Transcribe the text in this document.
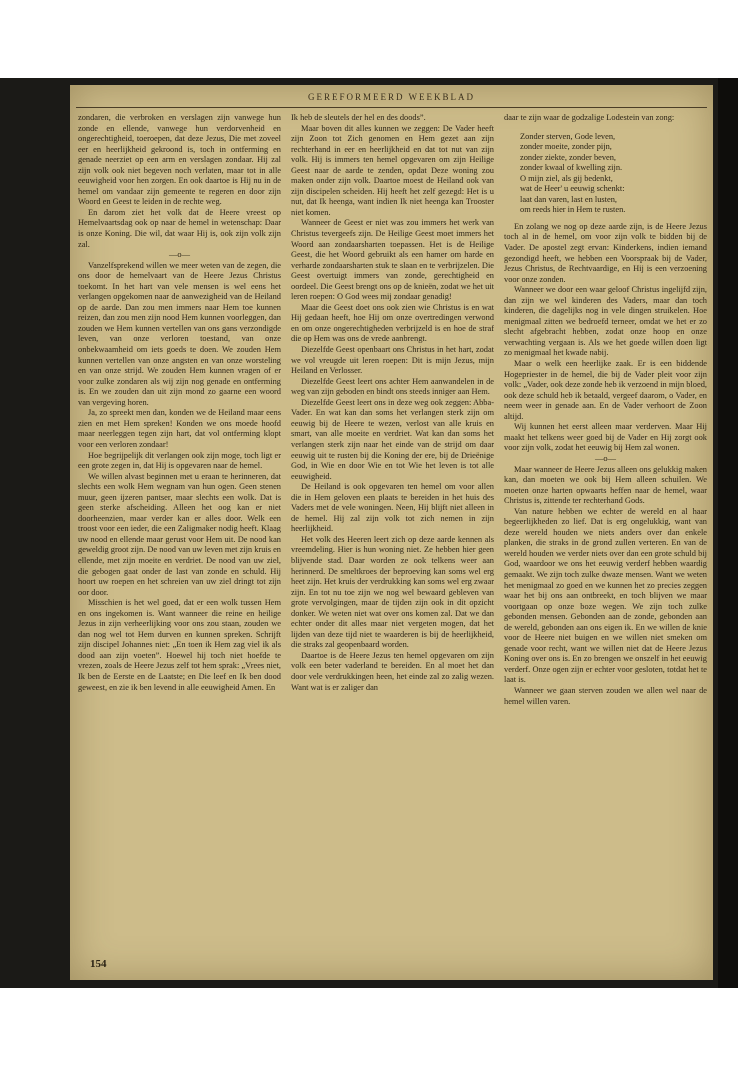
GEREFORMEERD WEEKBLAD

zondaren, die verbroken en verslagen zijn vanwege hun zonde en ellende, vanwege hun verdorvenheid en ongerechtigheid, toeroepen, dat deze Jezus, Die met zoveel eer en heerlijkheid gekroond is, toch in ontferming en genade neerziet op een arm en verslagen zondaar. Hij zal zijn volk ook niet begeven noch verlaten, maar tot in alle eeuwigheid voor hen zorgen. En ook daartoe is Hij nu in de hemel om vandaar zijn gemeente te regeren en door zijn Woord en Geest te leiden in de rechte weg.

En darom ziet het volk dat de Heere vreest op Hemelvaartsdag ook op naar de hemel in wetenschap: Daar is onze Koning. Die wil, dat waar Hij is, ook zijn volk zijn zal.

—o—

Vanzelfsprekend willen we meer weten van de zegen, die ons door de hemelvaart van de Heere Jezus Christus toekomt. In het hart van vele mensen is wel eens het verlangen opgekomen naar de aanwezigheid van de Heiland op de aarde. Dan zou men immers naar Hem toe kunnen reizen, dan zou men zijn nood Hem kunnen voorleggen, dan zouden we Hem kunnen vertellen van ons gans verzondigde leven, van onze verloren toestand, van onze onbekwaamheid om iets goeds te doen. We zouden Hem kunnen vertellen van onze angsten en van onze worsteling en van onze strijd. We zouden Hem kunnen vragen of er voor zulke zondaren als wij zijn nog genade en ontferming is. En we zouden dan uit zijn mond zo gaarne een woord van vergeving horen.

Ja, zo spreekt men dan, konden we de Heiland maar eens zien en met Hem spreken! Konden we ons moede hoofd maar neerleggen tegen zijn hart, dat vol ontferming klopt voor een verloren zondaar!

Hoe begrijpelijk dit verlangen ook zijn moge, toch ligt er een grote zegen in, dat Hij is opgevaren naar de hemel.

We willen alvast beginnen met u eraan te herinneren, dat slechts een wolk Hem wegnam van hun ogen. Geen stenen muur, geen ijzeren pantser, maar slechts een wolk. Dat is geen sterke afscheiding. Alleen het oog kan er niet doorheenzien, maar verder kan er alles door. Welk een troost voor een ieder, die een Zaligmaker nodig heeft. Klaag uw nood en ellende maar gerust voor Hem uit. De nood kan geweldig groot zijn. De nood van uw leven met zijn kruis en ellende, met zijn moeite en verdriet. De nood van uw ziel, die gebogen gaat onder de last van zonde en schuld. Hij hoort uw roepen en het schreien van uw ziel dringt tot zijn oor door.

Misschien is het wel goed, dat er een wolk tussen Hem en ons ingekomen is. Want wanneer die reine en heilige Jezus in zijn verheerlijking voor ons zou staan, zouden we dan nog wel tot Hem durven en kunnen spreken. Schrijft zijn discipel Johannes niet: „En toen ik Hem zag viel ik als dood aan zijn voeten”. Hoewel hij toch niet hoefde te vrezen, zoals de Heere Jezus zelf tot hem sprak: „Vrees niet, Ik ben de Eerste en de Laatste; en Die leef en Ik ben dood geweest, en zie ik ben levend in alle eeuwigheid Amen. En

Ik heb de sleutels der hel en des doods”.

Maar boven dit alles kunnen we zeggen: De Vader heeft zijn Zoon tot Zich genomen en Hem gezet aan zijn rechterhand in eer en heerlijkheid en dat tot nut van zijn volk. Hij is immers ten hemel opgevaren om zijn Heilige Geest naar de aarde te zenden, opdat Deze woning zou maken onder zijn volk. Daartoe moest de Heiland ook van zijn discipelen scheiden. Hij heeft het zelf gezegd: Het is u nut, dat Ik heenga, want indien Ik niet heenga kan Trooster niet komen.

Wanneer de Geest er niet was zou immers het werk van Christus tevergeefs zijn. De Heilige Geest moet immers het Woord aan zondaarsharten toepassen. Het is de Heilige Geest, die het Woord gebruikt als een hamer om harde en verharde zondaarsharten stuk te slaan en te verbrijzelen. Die Geest overtuigt immers van zonde, gerechtigheid en oordeel. Die Geest brengt ons op de knieën, zodat we het uit leren roepen: O God wees mij zondaar genadig!

Maar die Geest doet ons ook zien wie Christus is en wat Hij gedaan heeft, hoe Hij om onze overtredingen verwond en om onze ongerechtigheden verbrijzeld is en hoe de straf die op Hem was ons de vrede aanbrengt.

Diezelfde Geest openbaart ons Christus in het hart, zodat we vol vreugde uit leren roepen: Dit is mijn Jezus, mijn Heiland en Verlosser.

Diezelfde Geest leert ons achter Hem aanwandelen in de weg van zijn geboden en bindt ons steeds inniger aan Hem.

Diezelfde Geest leert ons in deze weg ook zeggen: Abba-Vader. En wat kan dan soms het verlangen sterk zijn om eeuwig bij de Heere te wezen, verlost van alle kruis en smart, van alle moeite en verdriet. Wat kan dan soms het verlangen sterk zijn naar het einde van de strijd om daar eeuwig uit te rusten bij die Koning der ere, bij de Drieënige God, in Wie en door Wie en tot Wie het leven is tot alle eeuwigheid.

De Heiland is ook opgevaren ten hemel om voor allen die in Hem geloven een plaats te bereiden in het huis des Vaders met de vele woningen. Neen, Hij blijft niet alleen in de hemel. Hij zal zijn volk tot zich nemen in zijn heerlijkheid.

Het volk des Heeren leert zich op deze aarde kennen als vreemdeling. Hier is hun woning niet. Ze hebben hier geen blijvende stad. Daar worden ze ook telkens weer aan herinnerd. De smeltkroes der beproeving kan soms wel erg heet zijn. Het kruis der verdrukking kan soms wel erg zwaar zijn. En tot nu toe zijn we nog wel bewaard gebleven van grote vervolgingen, maar de tijden zijn ook in dit opzicht donker. We weten niet wat over ons komen zal. Dat we dan echter onder dit alles maar niet vergeten mogen, dat het lijden van deze tijd niet te waarderen is bij de heerlijkheid, die straks zal geopenbaard worden.

Daartoe is de Heere Jezus ten hemel opgevaren om zijn volk een beter vaderland te bereiden. En al moet het dan door vele verdrukkingen heen, het einde zal zo zalig wezen. Want wat is er zaliger dan

daar te zijn waar de godzalige Lodestein van zong:

Zonder sterven, Gode leven,
zonder moeite, zonder pijn,
zonder ziekte, zonder beven,
zonder kwaal of kwelling zijn.
O mijn ziel, als gij bedenkt,
wat de Heer' u eeuwig schenkt:
laat dan varen, last en lusten,
om reeds hier in Hem te rusten.

En zolang we nog op deze aarde zijn, is de Heere Jezus toch al in de hemel, om voor zijn volk te bidden bij de Vader. De apostel zegt ervan: Kinderkens, indien iemand gezondigd heeft, we hebben een Voorspraak bij de Vader, Jezus Christus, de Rechtvaardige, en Hij is een verzoening voor onze zonden.

Wanneer we door een waar geloof Christus ingelijfd zijn, dan zijn we wel kinderen des Vaders, maar dan toch kinderen, die dagelijks nog in vele dingen struikelen. Hoe menigmaal zitten we bedroefd terneer, omdat we het er zo slecht afgebracht hebben, zodat onze hoop en onze verwachting vergaan is. Als we het goede willen doen ligt zo menigmaal het kwade nabij.

Maar o welk een heerlijke zaak. Er is een biddende Hogepriester in de hemel, die bij de Vader pleit voor zijn volk: „Vader, ook deze zonde heb ik verzoend in mijn bloed, ook deze schuld heb ik betaald, vergeef daarom, o Vader, en neem weer in genade aan. En de Vader verhoort de Zoon altijd.

Wij kunnen het eerst alleen maar verderven. Maar Hij maakt het telkens weer goed bij de Vader en Hij zorgt ook voor zijn volk, zodat het eeuwig bij Hem zal wonen.

—o—

Maar wanneer de Heere Jezus alleen ons gelukkig maken kan, dan moeten we ook bij Hem alleen schuilen. We moeten onze harten opwaarts heffen naar de hemel, waar Christus is, zittende ter rechterhand Gods.

Van nature hebben we echter de wereld en al haar begeerlijkheden zo lief. Dat is erg ongelukkig, want van deze wereld houden we niets anders over dan enkele planken, die straks in de grond zullen verteren. En van de wereld houden we verder niets over dan een grote schuld bij God, waardoor we ons het eeuwig verderf hebben waardig gemaakt. We zijn toch zulke dwaze mensen. Want we weten het menigmaal zo goed en we kunnen het zo precies zeggen waar het bij ons aan ontbreekt, en toch blijven we maar voortgaan op onze boze wegen. We zijn toch zulke gebonden mensen. Gebonden aan de zonde, gebonden aan de wereld, gebonden aan ons eigen ik. En we willen de knie voor de Heere niet buigen en we willen niet smeken om genade voor recht, want we willen niet dat de Heere Jezus Koning over ons is. En zo brengen we onszelf in het eeuwig verderf. Onze ogen zijn er echter voor gesloten, totdat het te laat is.

Wanneer we gaan sterven zouden we allen wel naar de hemel willen varen.

154
